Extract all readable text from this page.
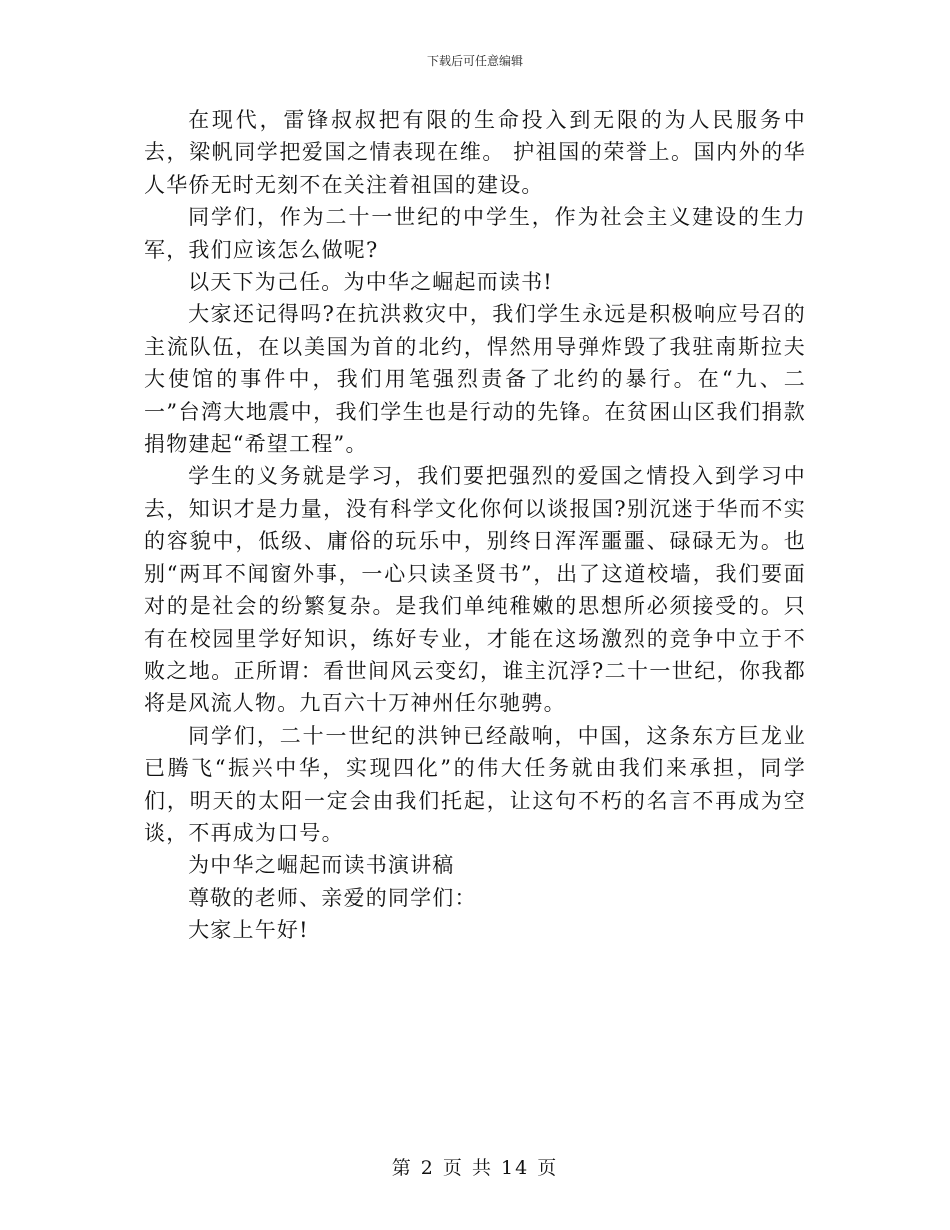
下载后可任意编辑

在现代，雷锋叔叔把有限的生命投入到无限的为人民服务中去，梁帆同学把爱国之情表现在维。 护祖国的荣誉上。国内外的华人华侨无时无刻不在关注着祖国的建设。

同学们，作为二十一世纪的中学生，作为社会主义建设的生力军，我们应该怎么做呢?

以天下为己任。为中华之崛起而读书!

大家还记得吗?在抗洪救灾中，我们学生永远是积极响应号召的主流队伍，在以美国为首的北约，悍然用导弹炸毁了我驻南斯拉夫大使馆的事件中，我们用笔强烈责备了北约的暴行。在“九、二一”台湾大地震中，我们学生也是行动的先锋。在贫困山区我们捐款捐物建起“希望工程”。

学生的义务就是学习，我们要把强烈的爱国之情投入到学习中去，知识才是力量，没有科学文化你何以谈报国?别沉迷于华而不实的容貌中，低级、庸俗的玩乐中，别终日浑浑噩噩、碌碌无为。也别“两耳不闻窗外事，一心只读圣贤书”，出了这道校墙，我们要面对的是社会的纷繁复杂。是我们单纯稚嫩的思想所必须接受的。只有在校园里学好知识，练好专业，才能在这场激烈的竞争中立于不败之地。正所谓：看世间风云变幻，谁主沉浮?二十一世纪，你我都将是风流人物。九百六十万神州任尔驰骋。

同学们，二十一世纪的洪钟已经敲响，中国，这条东方巨龙业已腾飞“振兴中华，实现四化”的伟大任务就由我们来承担，同学们，明天的太阳一定会由我们托起，让这句不朽的名言不再成为空谈，不再成为口号。

为中华之崛起而读书演讲稿

尊敬的老师、亲爱的同学们：

大家上午好!

第 2 页 共 14 页
